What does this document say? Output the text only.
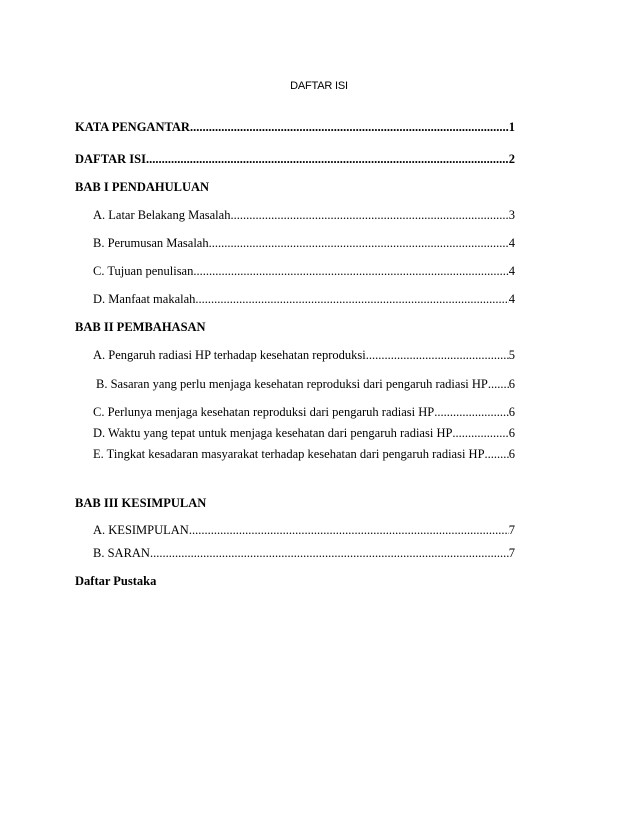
DAFTAR ISI
KATA PENGANTAR .....	1
DAFTAR ISI .....	2
BAB I PENDAHULUAN
A. Latar Belakang Masalah .....	3
B. Perumusan Masalah .....	4
C. Tujuan penulisan .....	4
D. Manfaat makalah .....	4
BAB II PEMBAHASAN
A. Pengaruh radiasi HP terhadap kesehatan reproduksi .....	5
B. Sasaran yang perlu menjaga kesehatan reproduksi dari pengaruh radiasi HP ..... 6
C. Perlunya menjaga kesehatan reproduksi dari pengaruh radiasi HP .....	6
D. Waktu yang tepat untuk menjaga kesehatan dari pengaruh radiasi HP .....	6
E. Tingkat kesadaran masyarakat terhadap kesehatan dari pengaruh radiasi HP ..... 6
BAB III KESIMPULAN
A. KESIMPULAN .....	7
B. SARAN .....	7
Daftar Pustaka
